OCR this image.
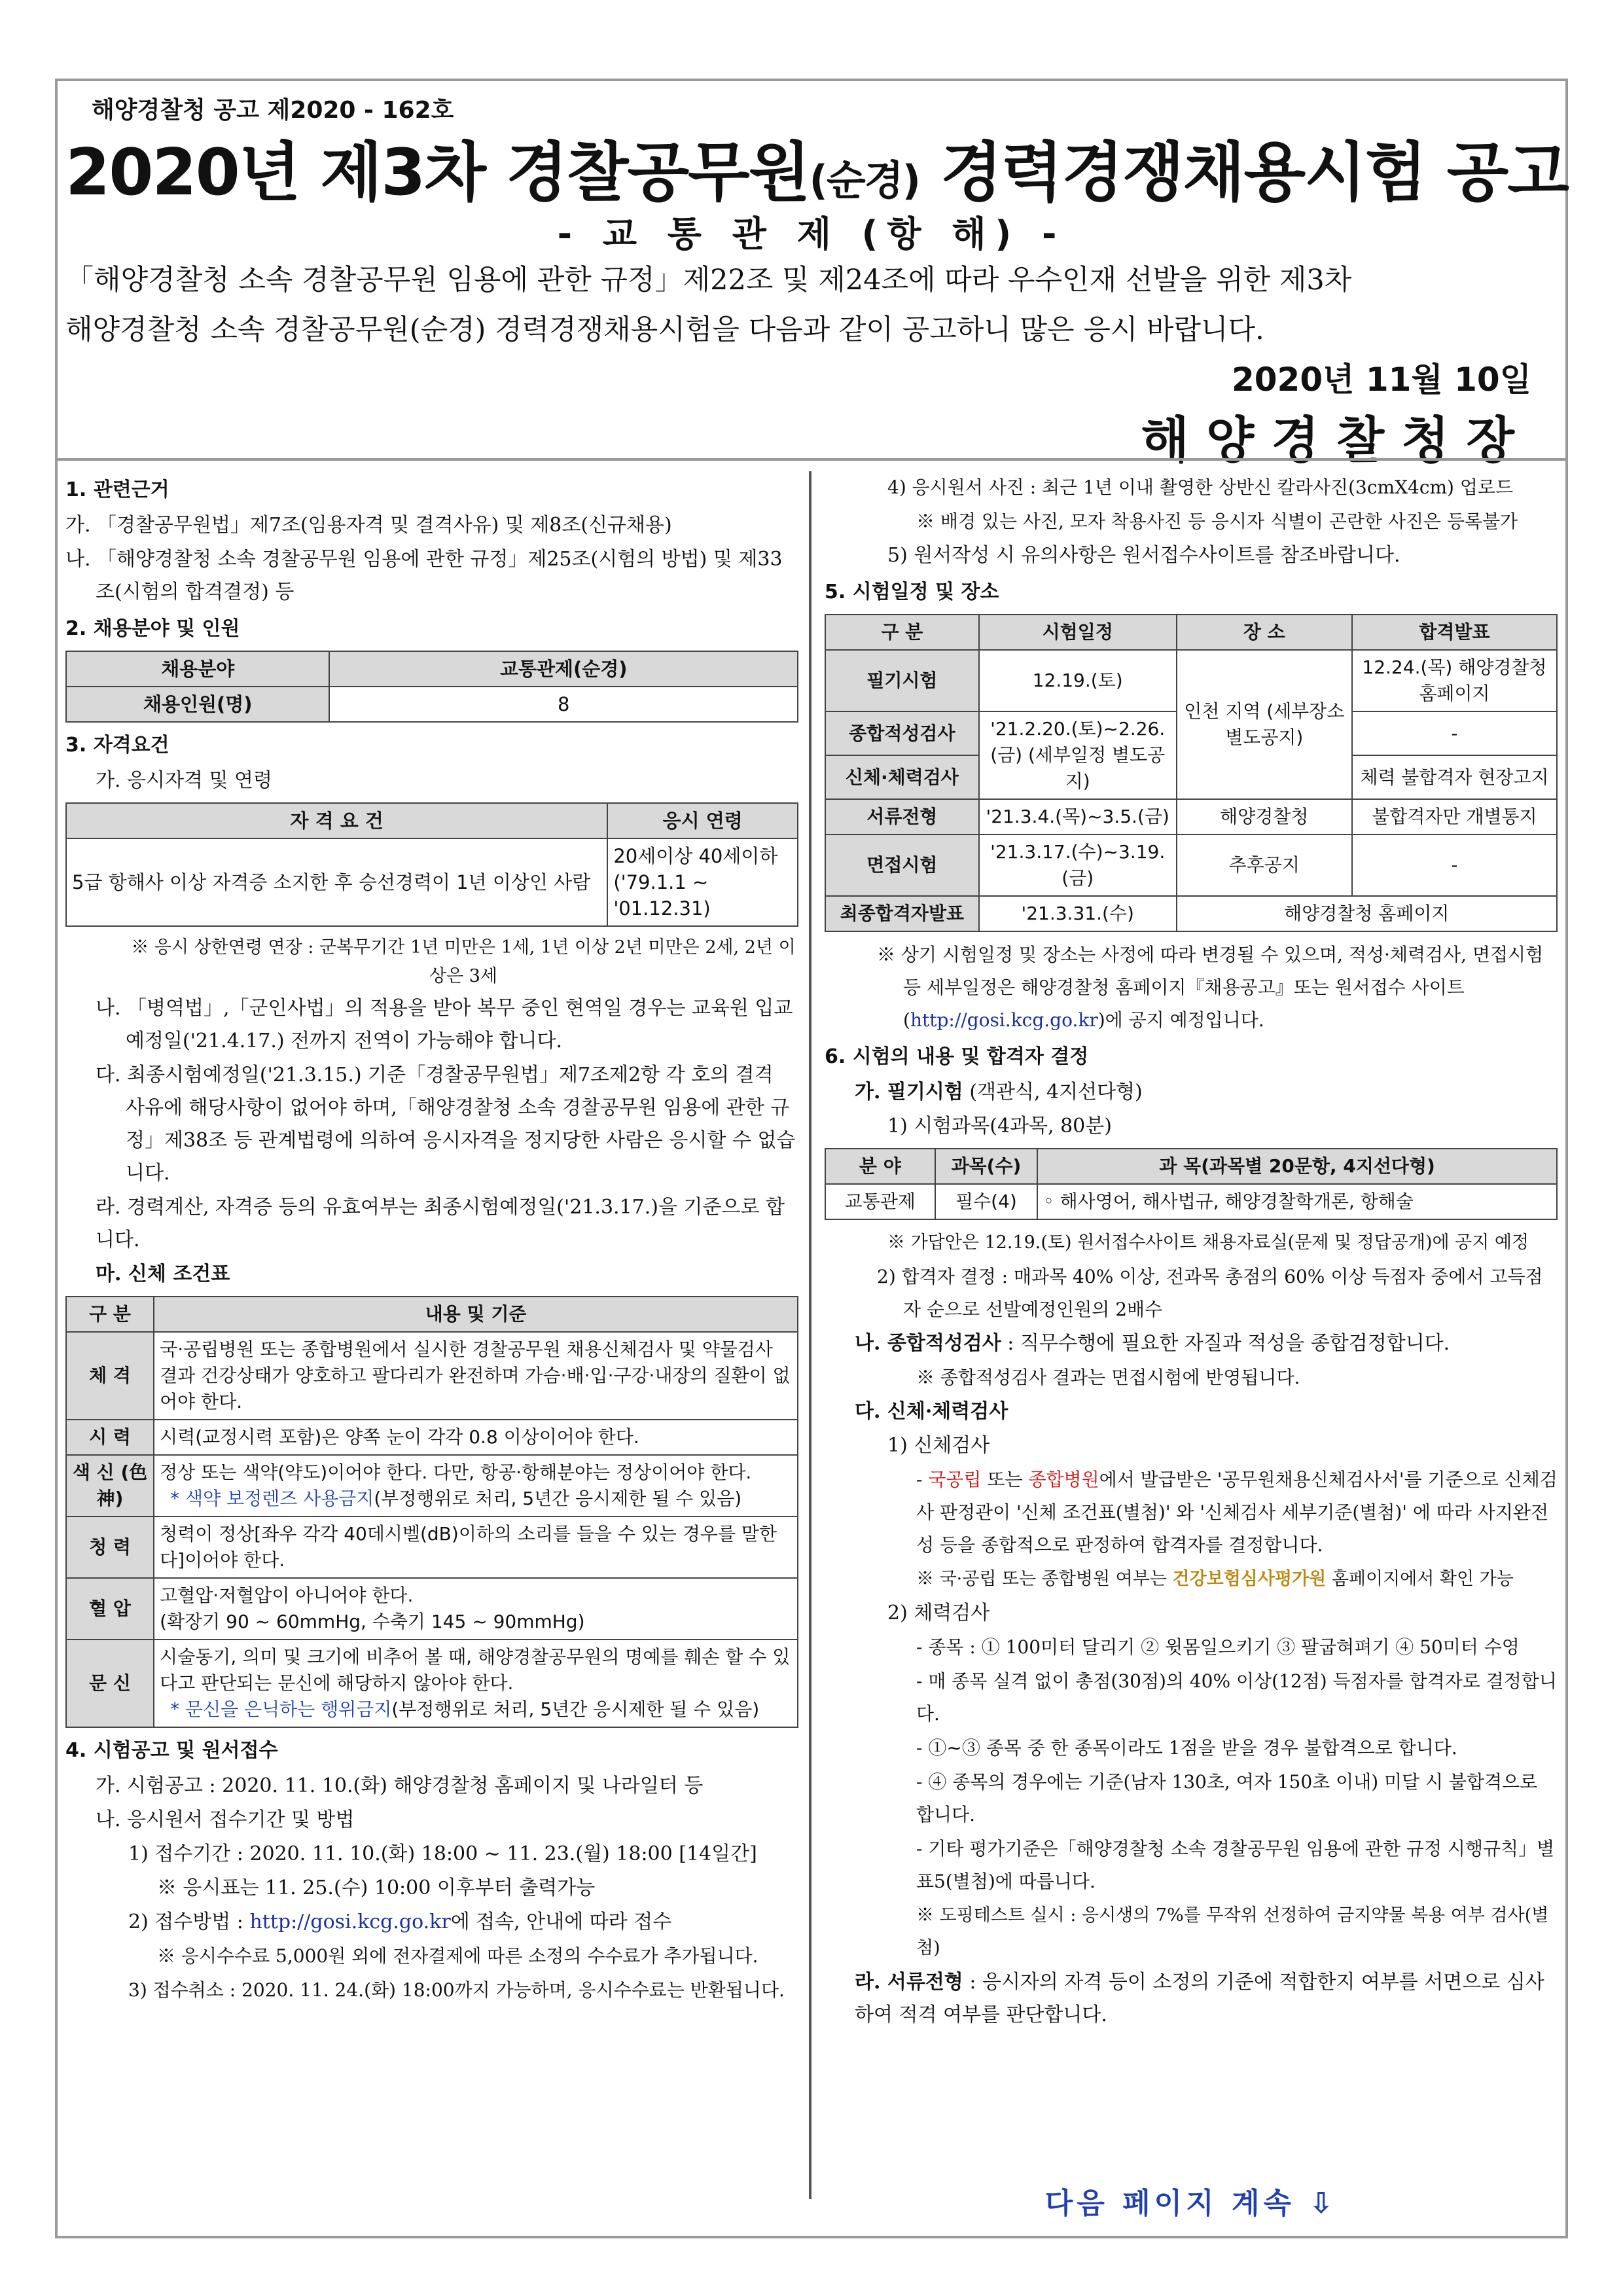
해양경찰청 공고 제2020 - 162호
2020년 제3차 경찰공무원(순경) 경력경쟁채용시험 공고
- 교 통 관 제 (항 해) -
「해양경찰청 소속 경찰공무원 임용에 관한 규정」제22조 및 제24조에 따라 우수인재 선발을 위한 제3차
해양경찰청 소속 경찰공무원(순경) 경력경쟁채용시험을 다음과 같이 공고하니 많은 응시 바랍니다.
2020년 11월 10일
해양경찰청장
1. 관련근거
가. 「경찰공무원법」제7조(임용자격 및 결격사유) 및 제8조(신규채용)
나. 「해양경찰청 소속 경찰공무원 임용에 관한 규정」제25조(시험의 방법) 및 제33조(시험의 합격결정) 등
2. 채용분야 및 인원
채용분야	교통관제(순경)
채용인원(명)	8
3. 자격요건
가. 응시자격 및 연령
자 격 요 건	응시 연령
5급 항해사 이상 자격증 소지한 후 승선경력이 1년 이상인 사람	20세이상 40세이하 ('79.1.1 ~ '01.12.31)
※ 응시 상한연령 연장 : 군복무기간 1년 미만은 1세, 1년 이상 2년 미만은 2세, 2년 이상은 3세
나. 「병역법」,「군인사법」의 적용을 받아 복무 중인 현역일 경우는 교육원 입교 예정일('21.4.17.) 전까지 전역이 가능해야 합니다.
다. 최종시험예정일('21.3.15.) 기준「경찰공무원법」제7조제2항 각 호의 결격 사유에 해당사항이 없어야 하며,「해양경찰청 소속 경찰공무원 임용에 관한 규정」제38조 등 관계법령에 의하여 응시자격을 정지당한 사람은 응시할 수 없습니다.
라. 경력계산, 자격증 등의 유효여부는 최종시험예정일('21.3.17.)을 기준으로 합니다.
마. 신체 조건표
구 분	내용 및 기준
체 격	국·공립병원 또는 종합병원에서 실시한 경찰공무원 채용신체검사 및 약물검사 결과 건강상태가 양호하고 팔다리가 완전하며 가슴·배·입·구강·내장의 질환이 없어야 한다.
시 력	시력(교정시력 포함)은 양쪽 눈이 각각 0.8 이상이어야 한다.
색 신 (色神)	정상 또는 색약(약도)이어야 한다. 다만, 항공·항해분야는 정상이어야 한다.
* 색약 보정렌즈 사용금지(부정행위로 처리, 5년간 응시제한 될 수 있음)

청 력	청력이 정상[좌우 각각 40데시벨(dB)이하의 소리를 들을 수 있는 경우를 말한다]이어야 한다.
혈 압	고혈압·저혈압이 아니어야 한다.
(확장기 90 ~ 60mmHg, 수축기 145 ~ 90mmHg)

문 신	시술동기, 의미 및 크기에 비추어 볼 때, 해양경찰공무원의 명예를 훼손 할 수 있다고 판단되는 문신에 해당하지 않아야 한다.
* 문신을 은닉하는 행위금지(부정행위로 처리, 5년간 응시제한 될 수 있음)
4. 시험공고 및 원서접수
가. 시험공고 : 2020. 11. 10.(화) 해양경찰청 홈페이지 및 나라일터 등
나. 응시원서 접수기간 및 방법
1) 접수기간 : 2020. 11. 10.(화) 18:00 ~ 11. 23.(월) 18:00 [14일간]
※ 응시표는 11. 25.(수) 10:00 이후부터 출력가능
2) 접수방법 : http://gosi.kcg.go.kr에 접속, 안내에 따라 접수
※ 응시수수료 5,000원 외에 전자결제에 따른 소정의 수수료가 추가됩니다.
3) 접수취소 : 2020. 11. 24.(화) 18:00까지 가능하며, 응시수수료는 반환됩니다.
4) 응시원서 사진 : 최근 1년 이내 촬영한 상반신 칼라사진(3cmX4cm) 업로드
※ 배경 있는 사진, 모자 착용사진 등 응시자 식별이 곤란한 사진은 등록불가
5) 원서작성 시 유의사항은 원서접수사이트를 참조바랍니다.
5. 시험일정 및 장소
구 분	시험일정	장 소	합격발표
필기시험	12.19.(토)	인천 지역 (세부장소 별도공지)	12.24.(목) 해양경찰청 홈페이지
종합적성검사	'21.2.20.(토)~2.26.(금) (세부일정 별도공지)		-
신체·체력검사			체력 불합격자 현장고지
서류전형	'21.3.4.(목)~3.5.(금)	해양경찰청	불합격자만 개별통지
면접시험	'21.3.17.(수)~3.19.(금)	추후공지	-
최종합격자발표	'21.3.31.(수)	해양경찰청 홈페이지	
※ 상기 시험일정 및 장소는 사정에 따라 변경될 수 있으며, 적성·체력검사, 면접시험 등 세부일정은 해양경찰청 홈페이지『채용공고』또는 원서접수 사이트(http://gosi.kcg.go.kr)에 공지 예정입니다.
6. 시험의 내용 및 합격자 결정
가. 필기시험 (객관식, 4지선다형)
1) 시험과목(4과목, 80분)
분 야	과목(수)	과 목(과목별 20문항, 4지선다형)
교통관제	필수(4)	◦ 해사영어, 해사법규, 해양경찰학개론, 항해술
※ 가답안은 12.19.(토) 원서접수사이트 채용자료실(문제 및 정답공개)에 공지 예정
2) 합격자 결정 : 매과목 40% 이상, 전과목 총점의 60% 이상 득점자 중에서 고득점자 순으로 선발예정인원의 2배수
나. 종합적성검사 : 직무수행에 필요한 자질과 적성을 종합검정합니다.
※ 종합적성검사 결과는 면접시험에 반영됩니다.
다. 신체·체력검사
1) 신체검사
- 국공립 또는 종합병원에서 발급받은 '공무원채용신체검사서'를 기준으로 신체검사 판정관이 '신체 조건표(별첨)' 와 '신체검사 세부기준(별첨)' 에 따라 사지완전성 등을 종합적으로 판정하여 합격자를 결정합니다.
※ 국·공립 또는 종합병원 여부는 건강보험심사평가원 홈페이지에서 확인 가능
2) 체력검사
- 종목 : ① 100미터 달리기 ② 윗몸일으키기 ③ 팔굽혀펴기 ④ 50미터 수영
- 매 종목 실격 없이 총점(30점)의 40% 이상(12점) 득점자를 합격자로 결정합니다.
- ①~③ 종목 중 한 종목이라도 1점을 받을 경우 불합격으로 합니다.
- ④ 종목의 경우에는 기준(남자 130초, 여자 150초 이내) 미달 시 불합격으로 합니다.
- 기타 평가기준은「해양경찰청 소속 경찰공무원 임용에 관한 규정 시행규칙」별표5(별첨)에 따릅니다.
※ 도핑테스트 실시 : 응시생의 7%를 무작위 선정하여 금지약물 복용 여부 검사(별첨)
라. 서류전형 : 응시자의 자격 등이 소정의 기준에 적합한지 여부를 서면으로 심사하여 적격 여부를 판단합니다.
다음 페이지 계속 ⇩
